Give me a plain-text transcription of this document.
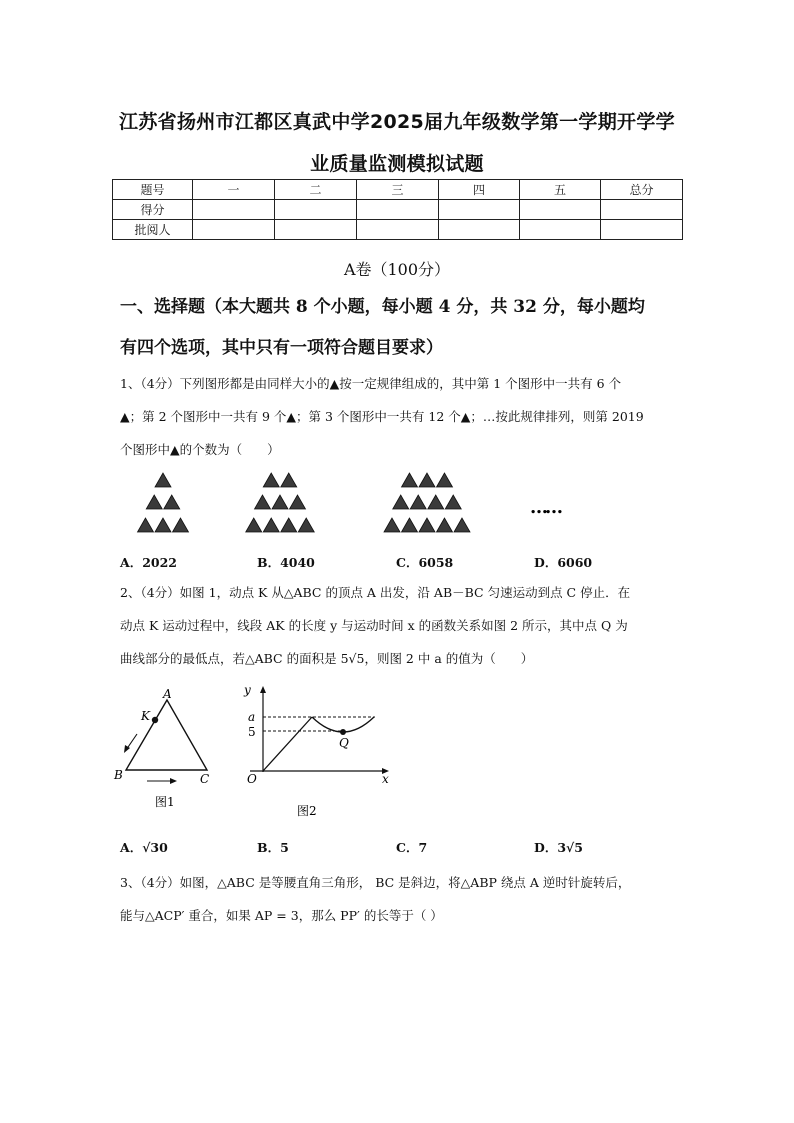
江苏省扬州市江都区真武中学2025届九年级数学第一学期开学学
业质量监测模拟试题
题号	一	二	三	四	五	总分
得分						
批阅人						
A卷（100分）
一、选择题（本大题共 8 个小题，每小题 4 分，共 32 分，每小题均
有四个选项，其中只有一项符合题目要求）
1、（4分）下列图形都是由同样大小的▲按一定规律组成的，其中第 1 个图形中一共有 6 个
▲；第 2 个图形中一共有 9 个▲；第 3 个图形中一共有 12 个▲；…按此规律排列，则第 2019
个图形中▲的个数为（　　）
……
A．2022	B．4040	C．6058	D．6060
2、（4分）如图 1，动点 K 从△ABC 的顶点 A 出发，沿 AB－BC 匀速运动到点 C 停止．在
动点 K 运动过程中，线段 AK 的长度 y 与运动时间 x 的函数关系如图 2 所示，其中点 Q 为
曲线部分的最低点，若△ABC 的面积是 5√5，则图 2 中 a 的值为（　　）
A
B	C
K
图1
y
x
a
5
O
Q
图2
A．√30	B．5	C．7	D．3√5
3、（4分）如图，△ABC 是等腰直角三角形， BC 是斜边，将△ABP 绕点 A 逆时针旋转后，
能与△ACP′ 重合，如果 AP = 3，那么 PP′ 的长等于（ ）
